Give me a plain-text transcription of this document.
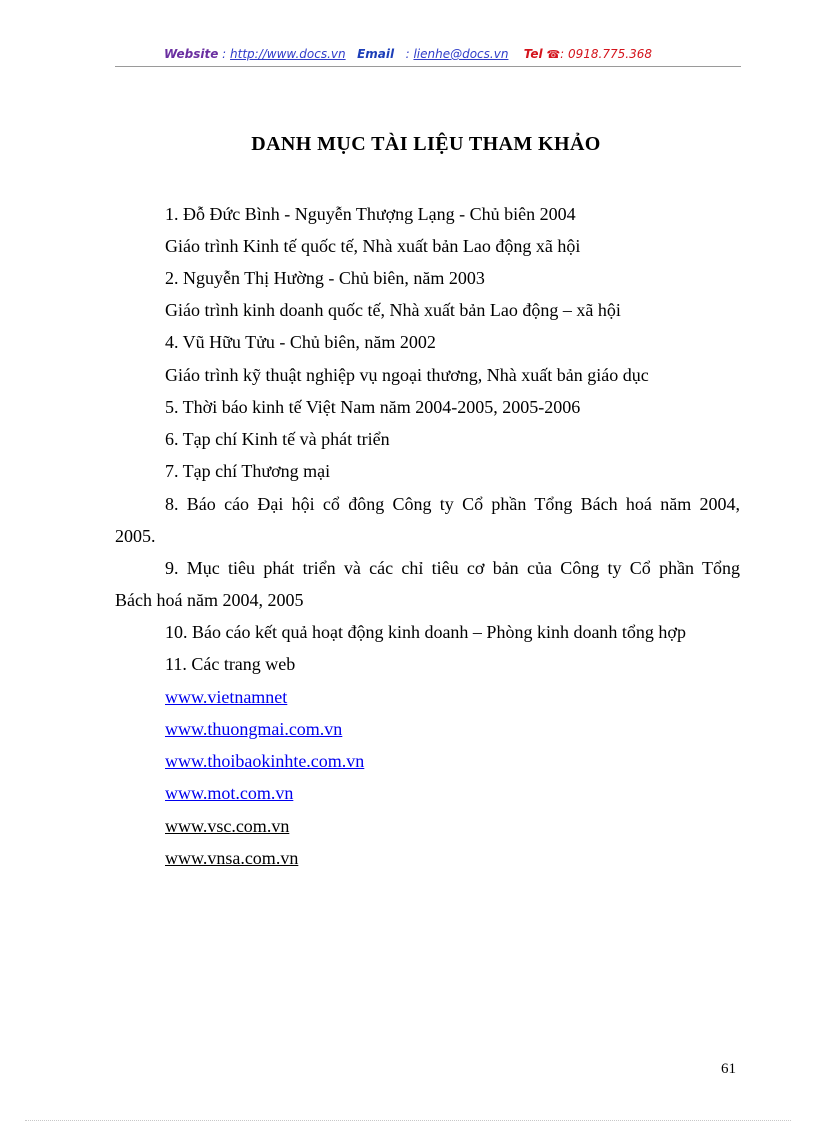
Website : http://www.docs.vn Email   : lienhe@docs.vn Tel ☎: 0918.775.368
DANH MỤC TÀI LIỆU THAM KHẢO
1. Đỗ Đức Bình - Nguyễn Thượng Lạng - Chủ biên 2004
Giáo trình Kinh tế quốc tế, Nhà xuất bản Lao động xã hội
2. Nguyễn Thị Hường - Chủ biên, năm 2003
Giáo trình kinh doanh quốc tế, Nhà xuất bản Lao động – xã hội
4. Vũ Hữu Tửu - Chủ biên, năm 2002
Giáo trình kỹ thuật nghiệp vụ ngoại thương, Nhà xuất bản giáo dục
5. Thời báo kinh tế Việt Nam năm 2004-2005, 2005-2006
6. Tạp chí Kinh tế và phát triển
7. Tạp chí Thương mại
8. Báo cáo Đại hội cổ đông Công ty Cổ phần Tổng Bách hoá năm 2004,
2005.
9. Mục tiêu phát triển và các chỉ tiêu cơ bản của Công ty Cổ phần Tổng
Bách hoá năm 2004, 2005
10. Báo cáo kết quả hoạt động kinh doanh – Phòng kinh doanh tổng hợp
11. Các trang web
www.vietnamnet
www.thuongmai.com.vn
www.thoibaokinhte.com.vn
www.mot.com.vn
www.vsc.com.vn
www.vnsa.com.vn
61
